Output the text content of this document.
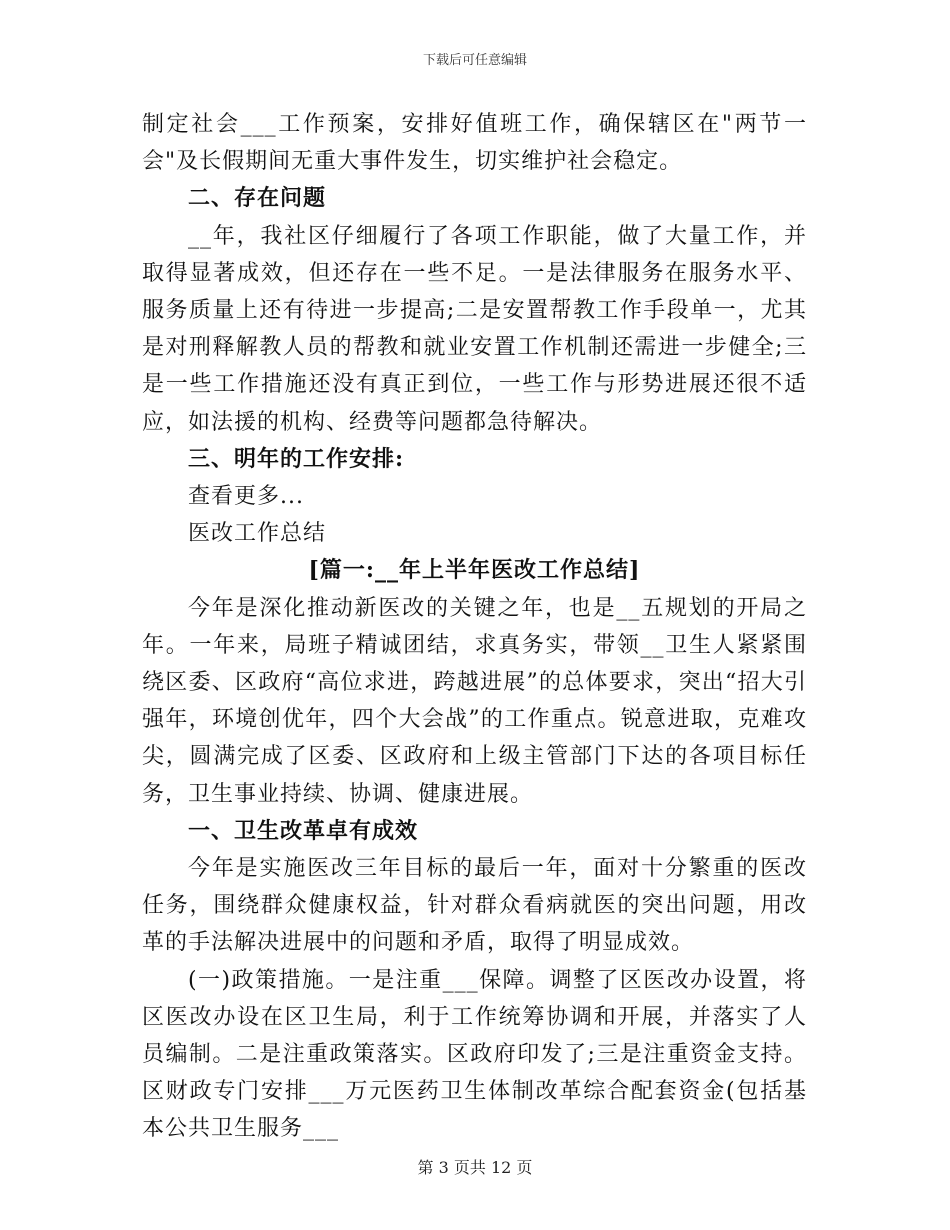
下载后可任意编辑

制定社会___工作预案，安排好值班工作，确保辖区在"两节一会"及长假期间无重大事件发生，切实维护社会稳定。

二、存在问题

__年，我社区仔细履行了各项工作职能，做了大量工作，并取得显著成效，但还存在一些不足。一是法律服务在服务水平、服务质量上还有待进一步提高;二是安置帮教工作手段单一，尤其是对刑释解教人员的帮教和就业安置工作机制还需进一步健全;三是一些工作措施还没有真正到位，一些工作与形势进展还很不适应，如法援的机构、经费等问题都急待解决。

三、明年的工作安排:

查看更多...

医改工作总结

[篇一:__年上半年医改工作总结]

今年是深化推动新医改的关键之年，也是__五规划的开局之年。一年来，局班子精诚团结，求真务实，带领__卫生人紧紧围绕区委、区政府“高位求进，跨越进展”的总体要求，突出“招大引强年，环境创优年，四个大会战”的工作重点。锐意进取，克难攻尖，圆满完成了区委、区政府和上级主管部门下达的各项目标任务，卫生事业持续、协调、健康进展。

一、卫生改革卓有成效

今年是实施医改三年目标的最后一年，面对十分繁重的医改任务，围绕群众健康权益，针对群众看病就医的突出问题，用改革的手法解决进展中的问题和矛盾，取得了明显成效。

(一)政策措施。一是注重___保障。调整了区医改办设置，将区医改办设在区卫生局，利于工作统筹协调和开展，并落实了人员编制。二是注重政策落实。区政府印发了;三是注重资金支持。区财政专门安排___万元医药卫生体制改革综合配套资金(包括基本公共卫生服务___

第 3 页共 12 页
